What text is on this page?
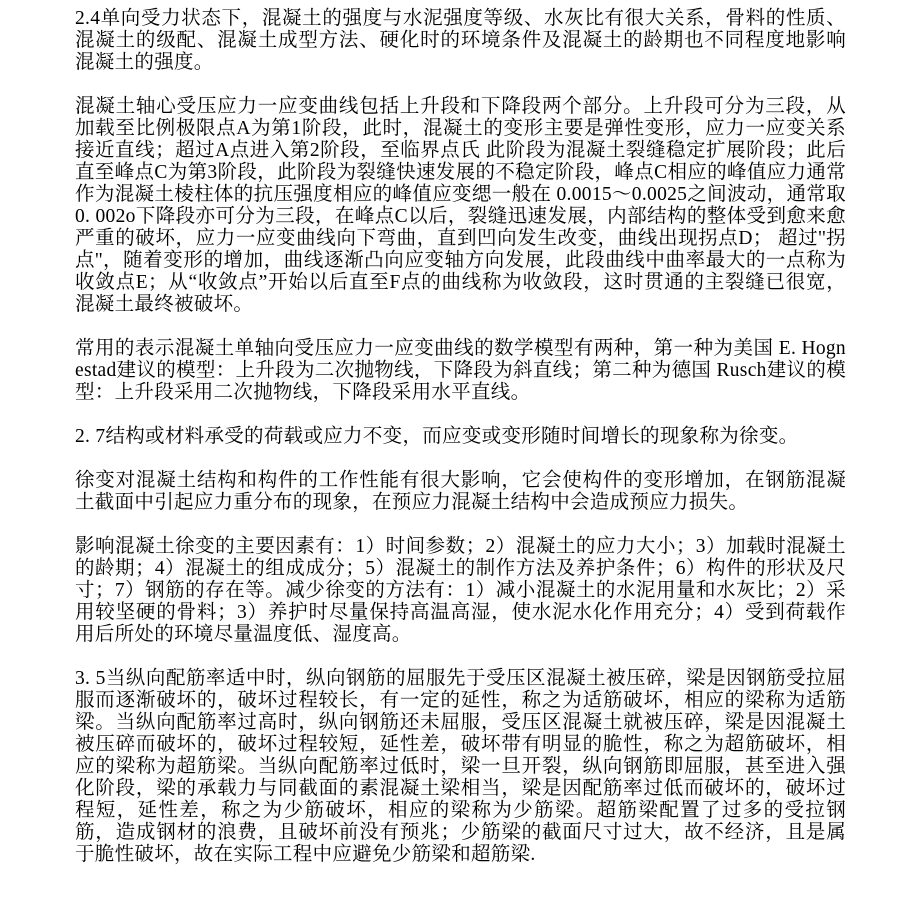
2.4单向受力状态下，混凝土的强度与水泥强度等级、水灰比有很大关系，骨料的性质、混凝土的级配、混凝土成型方法、硬化时的环境条件及混凝土的龄期也不同程度地影响混凝土的强度。

混凝土轴心受压应力一应变曲线包括上升段和下降段两个部分。上升段可分为三段，从加载至比例极限点A为第1阶段，此时，混凝土的变形主要是弹性变形，应力一应变关系接近直线；超过A点进入第2阶段，至临界点氏 此阶段为混凝土裂缝稳定扩展阶段；此后直至峰点C为第3阶段，此阶段为裂缝快速发展的不稳定阶段，峰点C相应的峰值应力通常作为混凝土棱柱体的抗压强度相应的峰值应变缌一般在 0.0015～0.0025之间波动，通常取0. 002o下降段亦可分为三段，在峰点C以后，裂缝迅速发展，内部结构的整体受到愈来愈严重的破坏，应力一应变曲线向下弯曲，直到凹向发生改变，曲线出现拐点D； 超过''拐点''，随着变形的增加，曲线逐渐凸向应变轴方向发展，此段曲线中曲率最大的一点称为收敛点E；从“收敛点”开始以后直至F点的曲线称为收敛段，这时贯通的主裂缝已很宽，混凝土最终被破坏。

常用的表示混凝土单轴向受压应力一应变曲线的数学模型有两种，第一种为美国 E. Hognestad建议的模型：上升段为二次抛物线，下降段为斜直线；第二种为德国 Rusch建议的模型：上升段采用二次抛物线，下降段采用水平直线。

2. 7结构或材料承受的荷载或应力不变，而应变或变形随时间增长的现象称为徐变。

徐变对混凝土结构和构件的工作性能有很大影响，它会使构件的变形增加，在钢筋混凝土截面中引起应力重分布的现象，在预应力混凝土结构中会造成预应力损失。

影响混凝土徐变的主要因素有：1）时间参数；2）混凝土的应力大小；3）加载时混凝土的龄期；4）混凝土的组成成分；5）混凝土的制作方法及养护条件；6）构件的形状及尺寸；7）钢筋的存在等。减少徐变的方法有：1）减小混凝土的水泥用量和水灰比；2）采用较坚硬的骨料；3）养护时尽量保持高温高湿，使水泥水化作用充分；4）受到荷载作用后所处的环境尽量温度低、湿度高。

3. 5当纵向配筋率适中时，纵向钢筋的屈服先于受压区混凝土被压碎，梁是因钢筋受拉屈服而逐渐破坏的，破坏过程较长，有一定的延性，称之为适筋破坏，相应的梁称为适筋梁。当纵向配筋率过高时，纵向钢筋还未屈服，受压区混凝土就被压碎，梁是因混凝土被压碎而破坏的，破坏过程较短，延性差，破坏带有明显的脆性，称之为超筋破坏，相应的梁称为超筋梁。当纵向配筋率过低时，梁一旦开裂，纵向钢筋即屈服，甚至进入强化阶段，梁的承载力与同截面的素混凝土梁相当，梁是因配筋率过低而破坏的，破坏过程短，延性差，称之为少筋破坏，相应的梁称为少筋梁。超筋梁配置了过多的受拉钢筋，造成钢材的浪费，且破坏前没有预兆；少筋梁的截面尺寸过大，故不经济，且是属于脆性破坏，故在实际工程中应避免少筋梁和超筋梁.
